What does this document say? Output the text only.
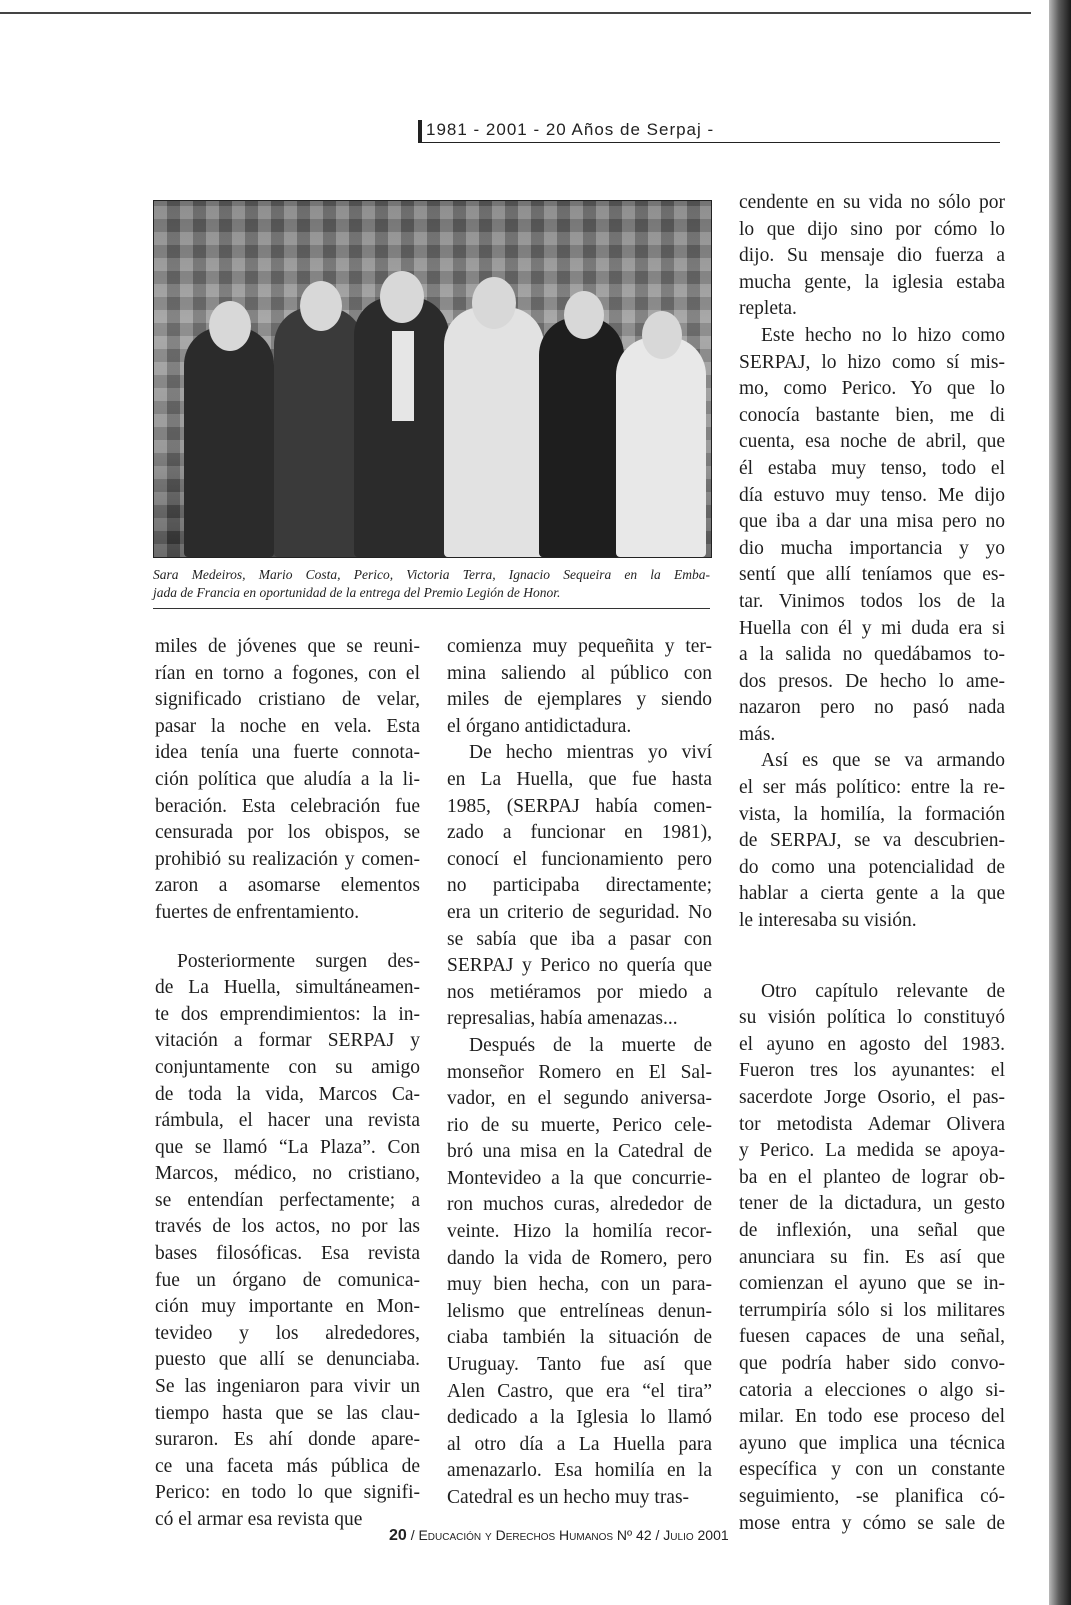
1981 - 2001 - 20 Años de Serpaj -
Sara Medeiros, Mario Costa, Perico, Victoria Terra, Ignacio Sequeira en la Emba-
jada de Francia en oportunidad de la entrega del Premio Legión de Honor.
miles de jóvenes que se reuni-
rían en torno a fogones, con el
significado cristiano de velar,
pasar la noche en vela. Esta
idea tenía una fuerte connota-
ción política que aludía a la li-
beración. Esta celebración fue
censurada por los obispos, se
prohibió su realización y comen-
zaron a asomarse elementos
fuertes de enfrentamiento.
Posteriormente surgen des-
de La Huella, simultáneamen-
te dos emprendimientos: la in-
vitación a formar SERPAJ y
conjuntamente con su amigo
de toda la vida, Marcos Ca-
rámbula, el hacer una revista
que se llamó “La Plaza”. Con
Marcos, médico, no cristiano,
se entendían perfectamente; a
través de los actos, no por las
bases filosóficas. Esa revista
fue un órgano de comunica-
ción muy importante en Mon-
tevideo y los alrededores,
puesto que allí se denunciaba.
Se las ingeniaron para vivir un
tiempo hasta que se las clau-
suraron. Es ahí donde apare-
ce una faceta más pública de
Perico: en todo lo que signifi-
có el armar esa revista que
comienza muy pequeñita y ter-
mina saliendo al público con
miles de ejemplares y siendo
el órgano antidictadura.
De hecho mientras yo viví
en La Huella, que fue hasta
1985, (SERPAJ había comen-
zado a funcionar en 1981),
conocí el funcionamiento pero
no participaba directamente;
era un criterio de seguridad. No
se sabía que iba a pasar con
SERPAJ y Perico no quería que
nos metiéramos por miedo a
represalias, había amenazas...
Después de la muerte de
monseñor Romero en El Sal-
vador, en el segundo aniversa-
rio de su muerte, Perico cele-
bró una misa en la Catedral de
Montevideo a la que concurrie-
ron muchos curas, alrededor de
veinte. Hizo la homilía recor-
dando la vida de Romero, pero
muy bien hecha, con un para-
lelismo que entrelíneas denun-
ciaba también la situación de
Uruguay. Tanto fue así que
Alen Castro, que era “el tira”
dedicado a la Iglesia lo llamó
al otro día a La Huella para
amenazarlo. Esa homilía en la
Catedral es un hecho muy tras-
cendente en su vida no sólo por
lo que dijo sino por cómo lo
dijo. Su mensaje dio fuerza a
mucha gente, la iglesia estaba
repleta.
Este hecho no lo hizo como
SERPAJ, lo hizo como sí mis-
mo, como Perico. Yo que lo
conocía bastante bien, me di
cuenta, esa noche de abril, que
él estaba muy tenso, todo el
día estuvo muy tenso. Me dijo
que iba a dar una misa pero no
dio mucha importancia y yo
sentí que allí teníamos que es-
tar. Vinimos todos los de la
Huella con él y mi duda era si
a la salida no quedábamos to-
dos presos. De hecho lo ame-
nazaron pero no pasó nada
más.
Así es que se va armando
el ser más político: entre la re-
vista, la homilía, la formación
de SERPAJ, se va descubrien-
do como una potencialidad de
hablar a cierta gente a la que
le interesaba su visión.
Otro capítulo relevante de
su visión política lo constituyó
el ayuno en agosto del 1983.
Fueron tres los ayunantes: el
sacerdote Jorge Osorio, el pas-
tor metodista Ademar Olivera
y Perico. La medida se apoya-
ba en el planteo de lograr ob-
tener de la dictadura, un gesto
de inflexión, una señal que
anunciara su fin. Es así que
comienzan el ayuno que se in-
terrumpiría sólo si los militares
fuesen capaces de una señal,
que podría haber sido convo-
catoria a elecciones o algo si-
milar. En todo ese proceso del
ayuno que implica una técnica
específica y con un constante
seguimiento, -se planifica có-
mose entra y cómo se sale de
20 / Educación y Derechos Humanos Nº 42 / Julio 2001
